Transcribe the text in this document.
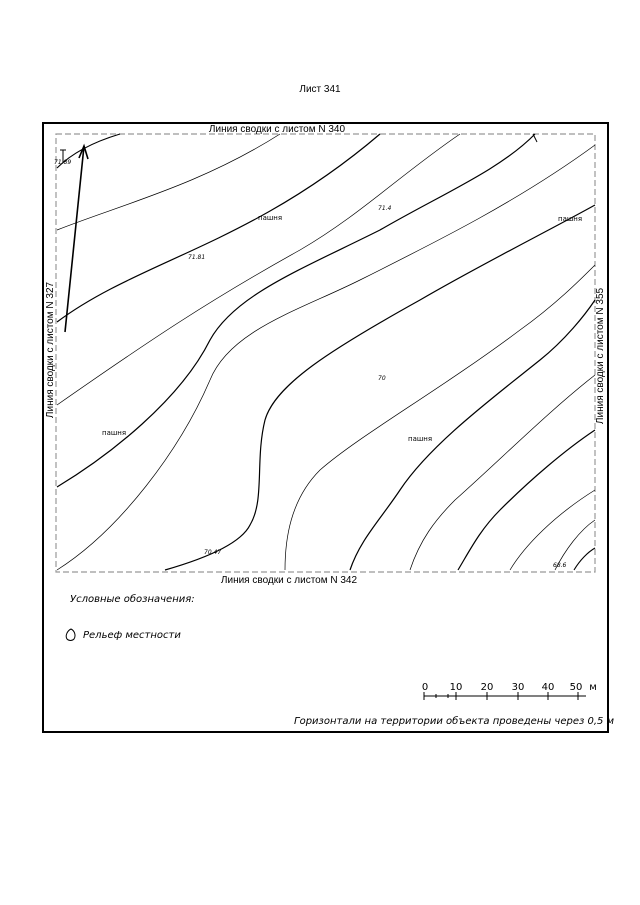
Лист 341
Линия сводки с листом N 340
Линия сводки с листом N 342
Линия сводки с листом N 327	Линия сводки с листом N 355
пашня	пашня
пашня
пашня
71.4
71.81
70
70.47
68.6
71.89
0 10 20 30 40 50 м
Условные обозначения:
Рельеф местности
Горизонтали на территории объекта проведены через 0,5 м
